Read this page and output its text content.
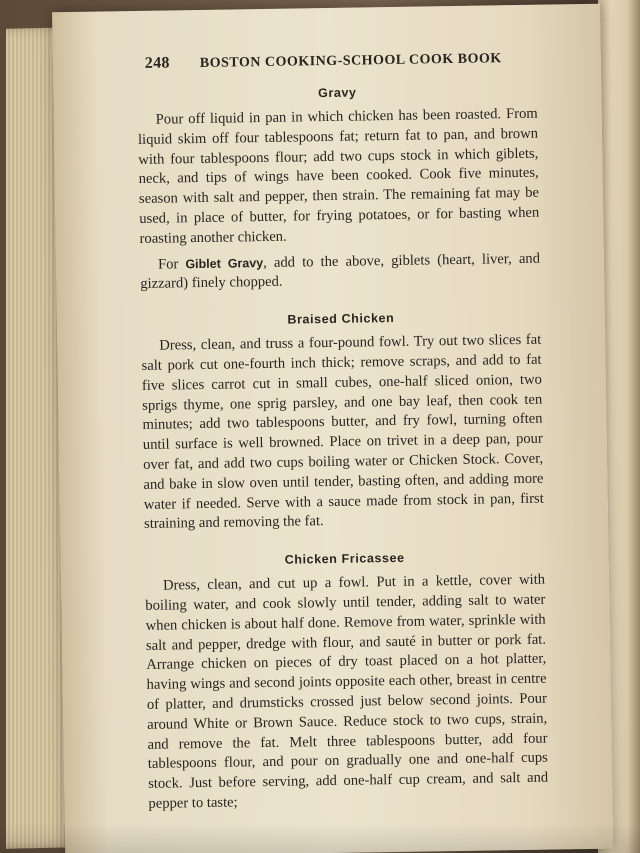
248 BOSTON COOKING-SCHOOL COOK BOOK
Gravy

Pour off liquid in pan in which chicken has been roasted. From liquid skim off four tablespoons fat; return fat to pan, and brown with four tablespoons flour; add two cups stock in which giblets, neck, and tips of wings have been cooked. Cook five minutes, season with salt and pepper, then strain. The remaining fat may be used, in place of butter, for frying potatoes, or for basting when roasting another chicken.

For Giblet Gravy, add to the above, giblets (heart, liver, and gizzard) finely chopped.

Braised Chicken

Dress, clean, and truss a four-pound fowl. Try out two slices fat salt pork cut one-fourth inch thick; remove scraps, and add to fat five slices carrot cut in small cubes, one-half sliced onion, two sprigs thyme, one sprig parsley, and one bay leaf, then cook ten minutes; add two tablespoons butter, and fry fowl, turning often until surface is well browned. Place on trivet in a deep pan, pour over fat, and add two cups boiling water or Chicken Stock. Cover, and bake in slow oven until tender, basting often, and adding more water if needed. Serve with a sauce made from stock in pan, first straining and removing the fat.

Chicken Fricassee

Dress, clean, and cut up a fowl. Put in a kettle, cover with boiling water, and cook slowly until tender, adding salt to water when chicken is about half done. Remove from water, sprinkle with salt and pepper, dredge with flour, and sauté in butter or pork fat. Arrange chicken on pieces of dry toast placed on a hot platter, having wings and second joints opposite each other, breast in centre of platter, and drumsticks crossed just below second joints. Pour around White or Brown Sauce. Reduce stock to two cups, strain, and remove the fat. Melt three tablespoons butter, add four tablespoons flour, and pour on gradually one and one-half cups stock. Just before serving, add one-half cup cream, and salt and pepper to taste;
